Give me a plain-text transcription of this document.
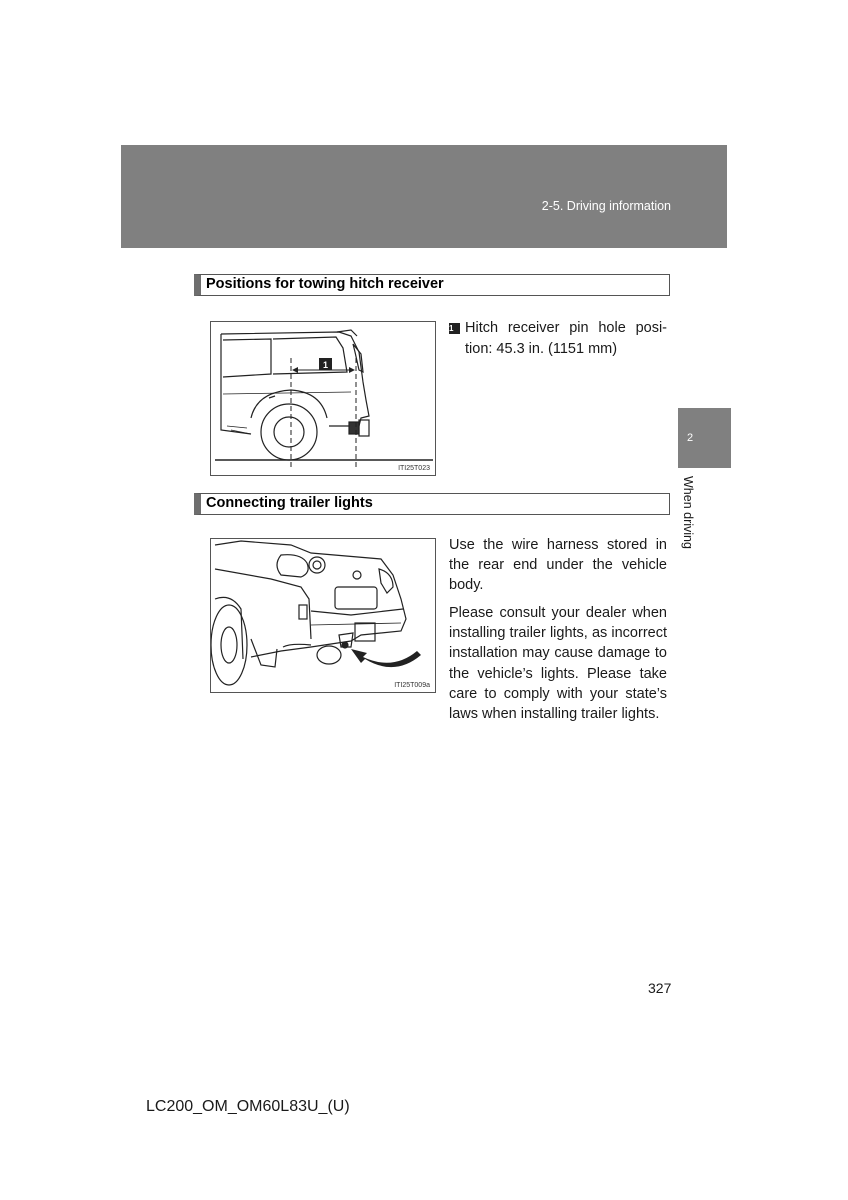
2-5. Driving information
2
When driving
Positions for towing hitch receiver
1
ITI25T023
1 Hitch receiver pin hole posi-
tion: 45.3 in. (1151 mm)
Connecting trailer lights
ITI25T009a
Use the wire harness stored in the rear end under the vehicle body.
Please consult your dealer when installing trailer lights, as incorrect installation may cause damage to the vehicle’s lights. Please take care to comply with your state’s laws when installing trailer lights.
327
LC200_OM_OM60L83U_(U)
